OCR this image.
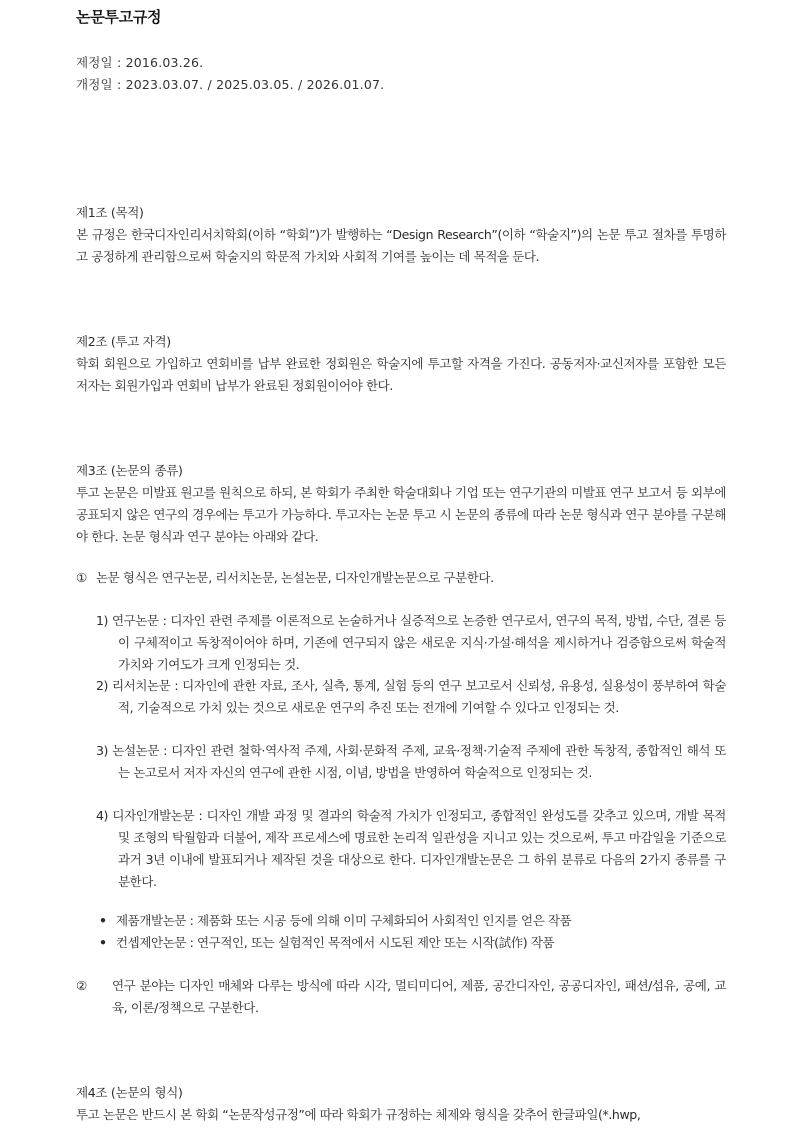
논문투고규정
제정일 : 2016.03.26.
개정일 : 2023.03.07. / 2025.03.05. / 2026.01.07.
제1조 (목적)
본 규정은 한국디자인리서치학회(이하 “학회”)가 발행하는 “Design Research”(이하 “학술지”)의 논문 투고 절차를 투명하고 공정하게 관리함으로써 학술지의 학문적 가치와 사회적 기여를 높이는 데 목적을 둔다.
제2조 (투고 자격)
학회 회원으로 가입하고 연회비를 납부 완료한 정회원은 학술지에 투고할 자격을 가진다. 공동저자·교신저자를 포함한 모든 저자는 회원가입과 연회비 납부가 완료된 정회원이어야 한다.
제3조 (논문의 종류)
투고 논문은 미발표 원고를 원칙으로 하되, 본 학회가 주최한 학술대회나 기업 또는 연구기관의 미발표 연구 보고서 등 외부에 공표되지 않은 연구의 경우에는 투고가 가능하다. 투고자는 논문 투고 시 논문의 종류에 따라 논문 형식과 연구 분야를 구분해야 한다. 논문 형식과 연구 분야는 아래와 같다.
① 논문 형식은 연구논문, 리서치논문, 논설논문, 디자인개발논문으로 구분한다.
1) 연구논문 : 디자인 관련 주제를 이론적으로 논술하거나 실증적으로 논증한 연구로서, 연구의 목적, 방법, 수단, 결론 등이 구체적이고 독창적이어야 하며, 기존에 연구되지 않은 새로운 지식·가설·해석을 제시하거나 검증함으로써 학술적 가치와 기여도가 크게 인정되는 것.
2) 리서치논문 : 디자인에 관한 자료, 조사, 실측, 통계, 실험 등의 연구 보고로서 신뢰성, 유용성, 실용성이 풍부하여 학술적, 기술적으로 가치 있는 것으로 새로운 연구의 추진 또는 전개에 기여할 수 있다고 인정되는 것.
3) 논설논문 : 디자인 관련 철학·역사적 주제, 사회·문화적 주제, 교육·정책·기술적 주제에 관한 독창적, 종합적인 해석 또는 논고로서 저자 자신의 연구에 관한 시점, 이념, 방법을 반영하여 학술적으로 인정되는 것.
4) 디자인개발논문 : 디자인 개발 과정 및 결과의 학술적 가치가 인정되고, 종합적인 완성도를 갖추고 있으며, 개발 목적 및 조형의 탁월함과 더불어, 제작 프로세스에 명료한 논리적 일관성을 지니고 있는 것으로써, 투고 마감일을 기준으로 과거 3년 이내에 발표되거나 제작된 것을 대상으로 한다. 디자인개발논문은 그 하위 분류로 다음의 2가지 종류를 구분한다.
• 제품개발논문 : 제품화 또는 시공 등에 의해 이미 구체화되어 사회적인 인지를 얻은 작품
• 컨셉제안논문 : 연구적인, 또는 실험적인 목적에서 시도된 제안 또는 시작(試作) 작품
② 연구 분야는 디자인 매체와 다루는 방식에 따라 시각, 멀티미디어, 제품, 공간디자인, 공공디자인, 패션/섬유, 공예, 교육, 이론/정책으로 구분한다.
제4조 (논문의 형식)
투고 논문은 반드시 본 학회 “논문작성규정”에 따라 학회가 규정하는 체제와 형식을 갖추어 한글파일(*.hwp,
